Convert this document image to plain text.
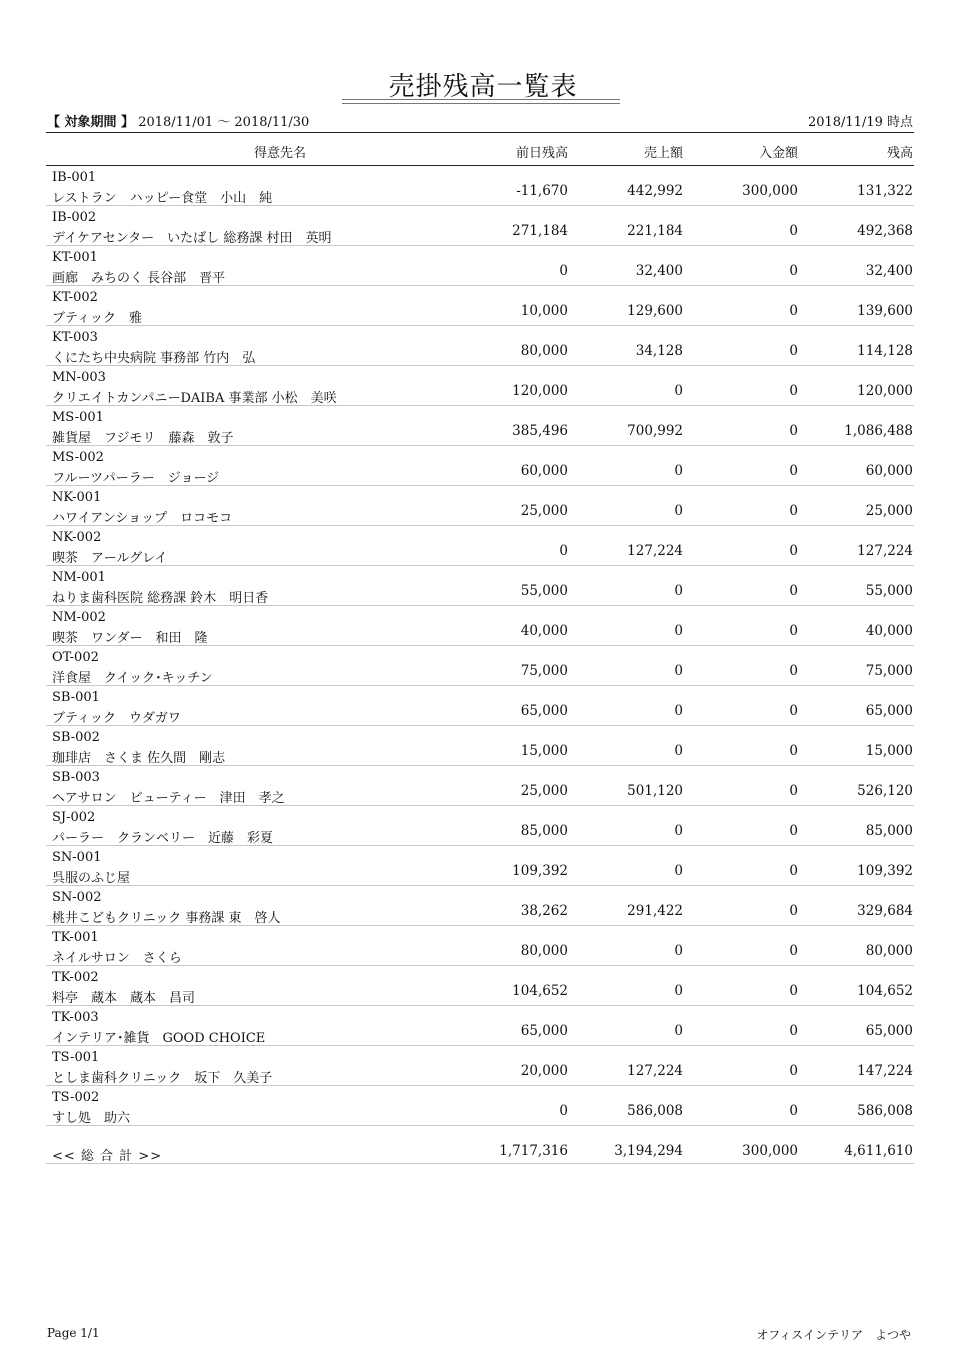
売掛残高一覧表
【 対象期間 】 2018/11/01 ～ 2018/11/30	2018/11/19 時点
得意先名	前日残高	売上額	入金額	残高
IB-001
レストラン　ハッピー食堂　小山　純	-11,670	442,992	300,000	131,322
IB-002
デイケアセンター　いたばし 総務課 村田　英明	271,184	221,184	0	492,368
KT-001
画廊　みちのく 長谷部　晋平	0	32,400	0	32,400
KT-002
ブティック　雅	10,000	129,600	0	139,600
KT-003
くにたち中央病院 事務部 竹内　弘	80,000	34,128	0	114,128
MN-003
クリエイトカンパニーDAIBA 事業部 小松　美咲	120,000	0	0	120,000
MS-001
雑貨屋　フジモリ　藤森　敦子	385,496	700,992	0	1,086,488
MS-002
フルーツパーラー　ジョージ	60,000	0	0	60,000
NK-001
ハワイアンショップ　ロコモコ	25,000	0	0	25,000
NK-002
喫茶　アールグレイ	0	127,224	0	127,224
NM-001
ねりま歯科医院 総務課 鈴木　明日香	55,000	0	0	55,000
NM-002
喫茶　ワンダー　和田　隆	40,000	0	0	40,000
OT-002
洋食屋　クイック･キッチン	75,000	0	0	75,000
SB-001
ブティック　ウダガワ	65,000	0	0	65,000
SB-002
珈琲店　さくま 佐久間　剛志	15,000	0	0	15,000
SB-003
ヘアサロン　ビューティー　津田　孝之	25,000	501,120	0	526,120
SJ-002
パーラー　クランベリー　近藤　彩夏	85,000	0	0	85,000
SN-001
呉服のふじ屋	109,392	0	0	109,392
SN-002
桃井こどもクリニック 事務課 東　啓人	38,262	291,422	0	329,684
TK-001
ネイルサロン　さくら	80,000	0	0	80,000
TK-002
料亭　蔵本　蔵本　昌司	104,652	0	0	104,652
TK-003
インテリア･雑貨　GOOD CHOICE	65,000	0	0	65,000
TS-001
としま歯科クリニック　坂下　久美子	20,000	127,224	0	147,224
TS-002
すし処　助六	0	586,008	0	586,008
<< 総 合 計 >>	1,717,316	3,194,294	300,000	4,611,610
Page 1/1	オフィスインテリア　よつや
